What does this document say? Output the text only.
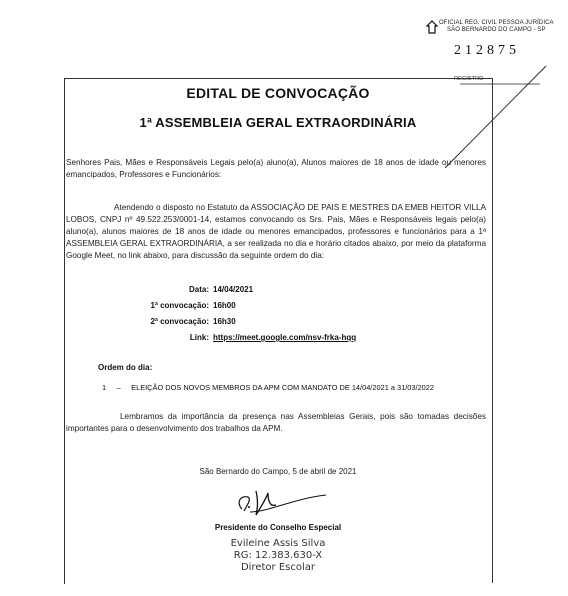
OFICIAL REG. CIVIL PESSOA JURÍDICA
SÃO BERNARDO DO CAMPO - SP
212875
REGISTRO
EDITAL DE CONVOCAÇÃO
1ª ASSEMBLEIA GERAL EXTRAORDINÁRIA
Senhores Pais, Mães e Responsáveis Legais pelo(a) aluno(a), Alunos maiores de 18 anos de idade ou menores emancipados, Professores e Funcionários:
Atendendo o disposto no Estatuto da ASSOCIAÇÃO DE PAIS E MESTRES DA EMEB HEITOR VILLA LOBOS, CNPJ nº 49.522.253/0001-14, estamos convocando os Srs. Pais, Mães e Responsáveis legais pelo(a) aluno(a), alunos maiores de 18 anos de idade ou menores emancipados, professores e funcionários para a 1ª ASSEMBLEIA GERAL EXTRAORDINÁRIA, a ser realizada no dia e horário citados abaixo, por meio da plataforma Google Meet, no link abaixo, para discussão da seguinte ordem do dia:
Data: 14/04/2021
1ª convocação: 16h00
2ª convocação: 16h30
Link: https://meet.google.com/nsv-frka-hqq
Ordem do dia:
1 – ELEIÇÃO DOS NOVOS MEMBROS DA APM COM MANDATO DE 14/04/2021 a 31/03/2022
Lembramos da importância da presença nas Assembleias Gerais, pois são tomadas decisões importantes para o desenvolvimento dos trabalhos da APM.
São Bernardo do Campo, 5 de abril de 2021
Presidente do Conselho Especial
Evileine Assis Silva
RG: 12.383.630-X
Diretor Escolar
